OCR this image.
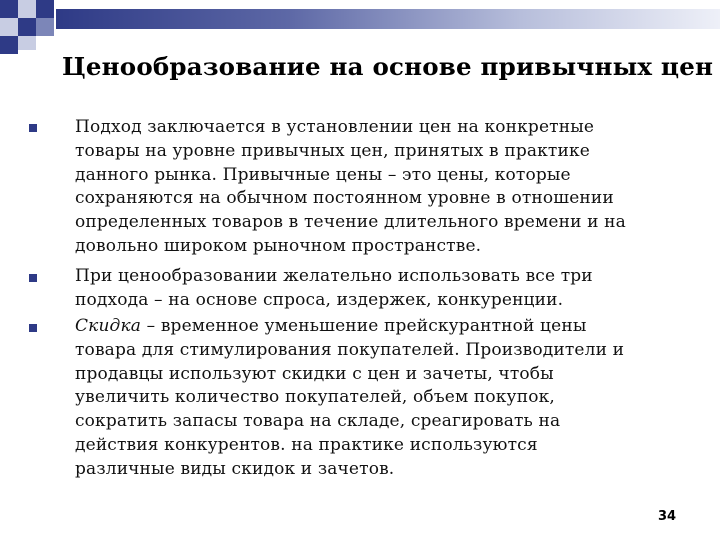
Ценообразование на основе привычных цен
Подход заключается в установлении цен на конкретные
товары на уровне привычных цен, принятых в практике
данного рынка. Привычные цены – это цены, которые
сохраняются на обычном постоянном уровне в отношении
определенных товаров в течение длительного времени и на
довольно широком рыночном пространстве.
При ценообразовании желательно использовать все три
подхода – на основе спроса, издержек, конкуренции.
Скидка – временное уменьшение прейскурантной цены
товара для стимулирования покупателей. Производители и
продавцы используют скидки с цен и зачеты, чтобы
увеличить количество покупателей, объем покупок,
сократить запасы товара на складе, среагировать на
действия конкурентов. на практике используются
различные виды скидок и зачетов.
34
